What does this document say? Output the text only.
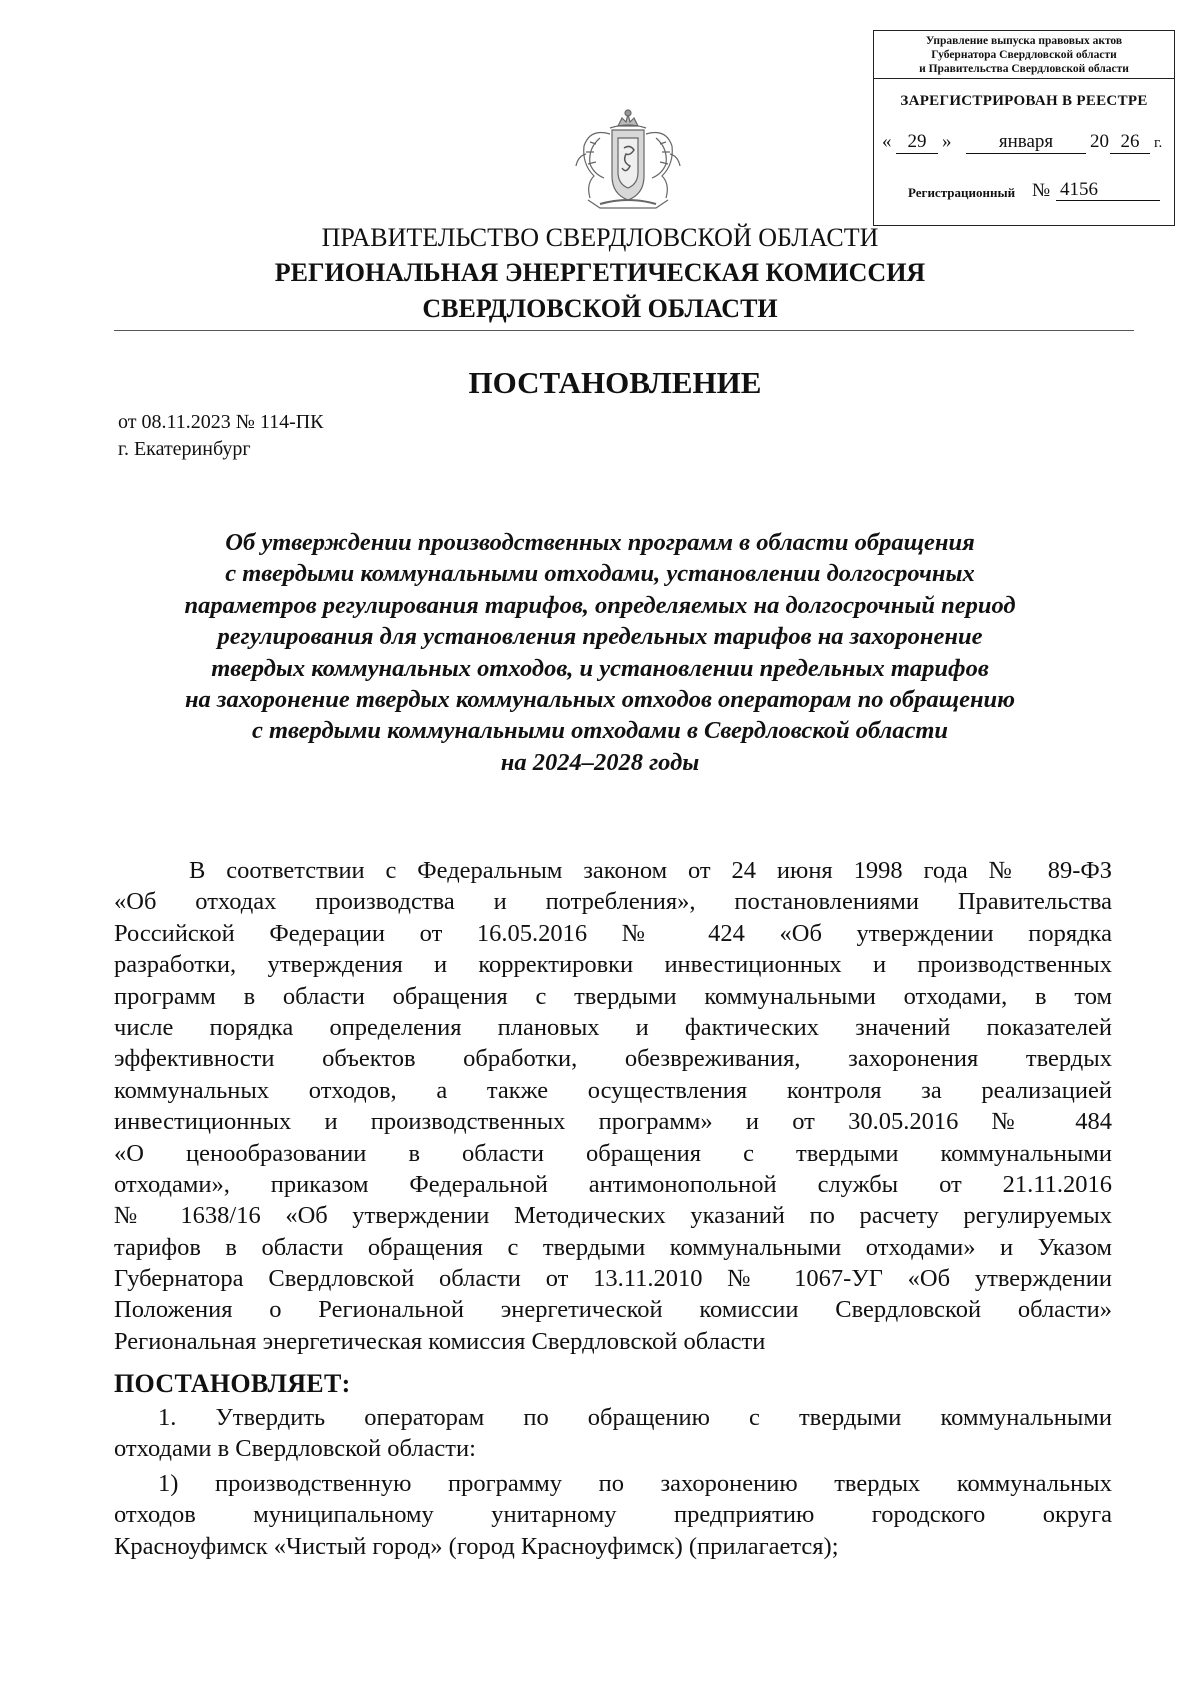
Управление выпуска правовых актов
Губернатора Свердловской области
и Правительства Свердловской области
ЗАРЕГИСТРИРОВАН В РЕЕСТРЕ
« 29 »	января	20 26 г.
Регистрационный № 4156
ПРАВИТЕЛЬСТВО СВЕРДЛОВСКОЙ ОБЛАСТИ
РЕГИОНАЛЬНАЯ ЭНЕРГЕТИЧЕСКАЯ КОМИССИЯ
СВЕРДЛОВСКОЙ ОБЛАСТИ
ПОСТАНОВЛЕНИЕ
от 08.11.2023 № 114-ПК
г. Екатеринбург
Об утверждении производственных программ в области обращения
с твердыми коммунальными отходами, установлении долгосрочных
параметров регулирования тарифов, определяемых на долгосрочный период
регулирования для установления предельных тарифов на захоронение
твердых коммунальных отходов, и установлении предельных тарифов
на захоронение твердых коммунальных отходов операторам по обращению
с твердыми коммунальными отходами в Свердловской области
на 2024–2028 годы
В соответствии с Федеральным законом от 24 июня 1998 года № 89-ФЗ
«Об отходах производства и потребления», постановлениями Правительства
Российской Федерации от 16.05.2016 № 424 «Об утверждении порядка
разработки, утверждения и корректировки инвестиционных и производственных
программ в области обращения с твердыми коммунальными отходами, в том
числе порядка определения плановых и фактических значений показателей
эффективности объектов обработки, обезвреживания, захоронения твердых
коммунальных отходов, а также осуществления контроля за реализацией
инвестиционных и производственных программ» и от 30.05.2016 № 484
«О ценообразовании в области обращения с твердыми коммунальными
отходами», приказом Федеральной антимонопольной службы от 21.11.2016
№ 1638/16 «Об утверждении Методических указаний по расчету регулируемых
тарифов в области обращения с твердыми коммунальными отходами» и Указом
Губернатора Свердловской области от 13.11.2010 № 1067-УГ «Об утверждении
Положения о Региональной энергетической комиссии Свердловской области»
Региональная энергетическая комиссия Свердловской области
ПОСТАНОВЛЯЕТ:
1. Утвердить операторам по обращению с твердыми коммунальными
отходами в Свердловской области:
1) производственную программу по захоронению твердых коммунальных
отходов муниципальному унитарному предприятию городского округа
Красноуфимск «Чистый город» (город Красноуфимск) (прилагается);
